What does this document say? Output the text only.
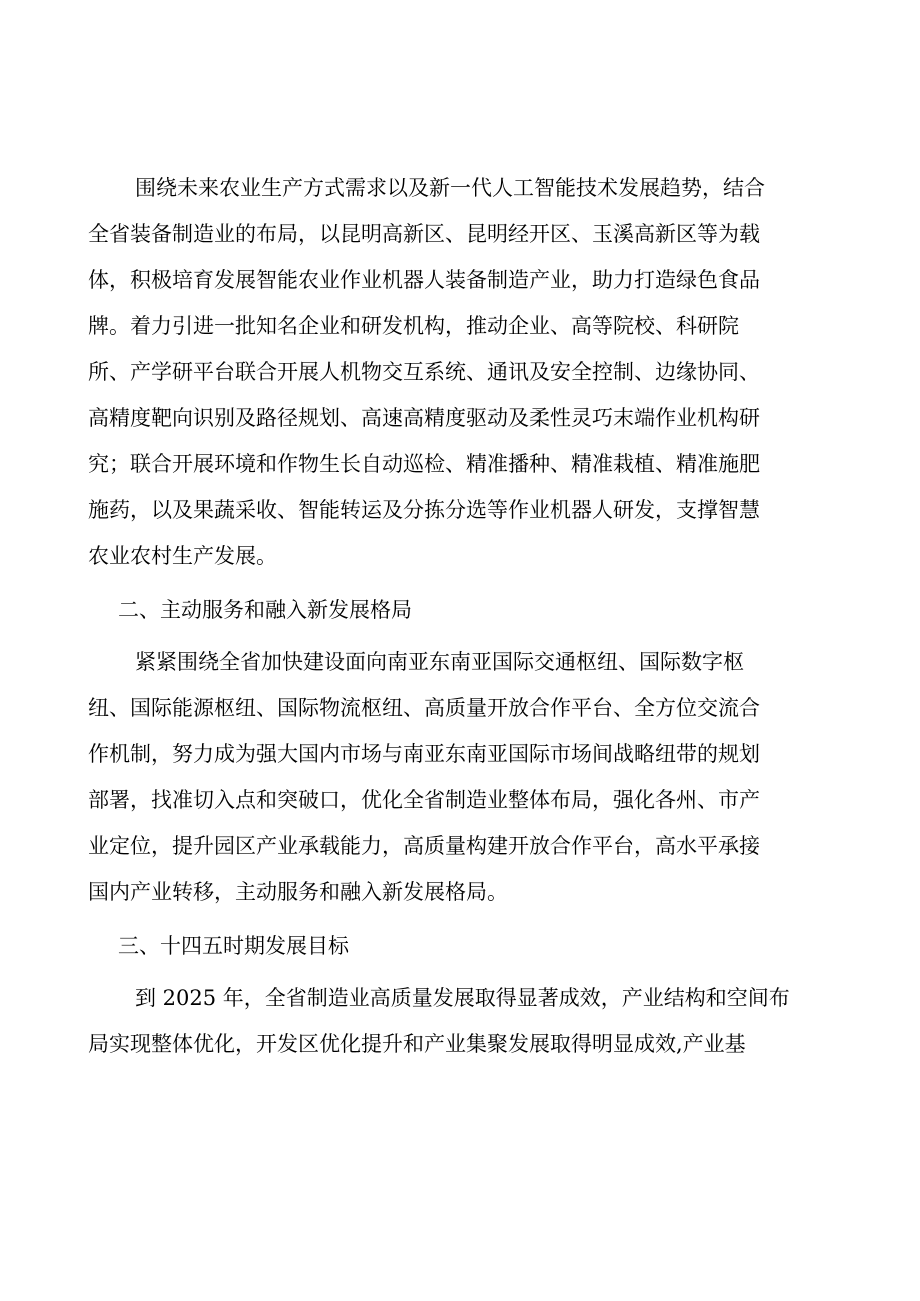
围绕未来农业生产方式需求以及新一代人工智能技术发展趋势，结合
全省装备制造业的布局，以昆明高新区、昆明经开区、玉溪高新区等为载
体，积极培育发展智能农业作业机器人装备制造产业，助力打造绿色食品
牌。着力引进一批知名企业和研发机构，推动企业、高等院校、科研院
所、产学研平台联合开展人机物交互系统、通讯及安全控制、边缘协同、
高精度靶向识别及路径规划、高速高精度驱动及柔性灵巧末端作业机构研
究；联合开展环境和作物生长自动巡检、精准播种、精准栽植、精准施肥
施药，以及果蔬采收、智能转运及分拣分选等作业机器人研发，支撑智慧
农业农村生产发展。
二、主动服务和融入新发展格局
紧紧围绕全省加快建设面向南亚东南亚国际交通枢纽、国际数字枢
纽、国际能源枢纽、国际物流枢纽、高质量开放合作平台、全方位交流合
作机制，努力成为强大国内市场与南亚东南亚国际市场间战略纽带的规划
部署，找准切入点和突破口，优化全省制造业整体布局，强化各州、市产
业定位，提升园区产业承载能力，高质量构建开放合作平台，高水平承接
国内产业转移，主动服务和融入新发展格局。
三、十四五时期发展目标
到 2025 年，全省制造业高质量发展取得显著成效，产业结构和空间布
局实现整体优化，开发区优化提升和产业集聚发展取得明显成效,产业基
